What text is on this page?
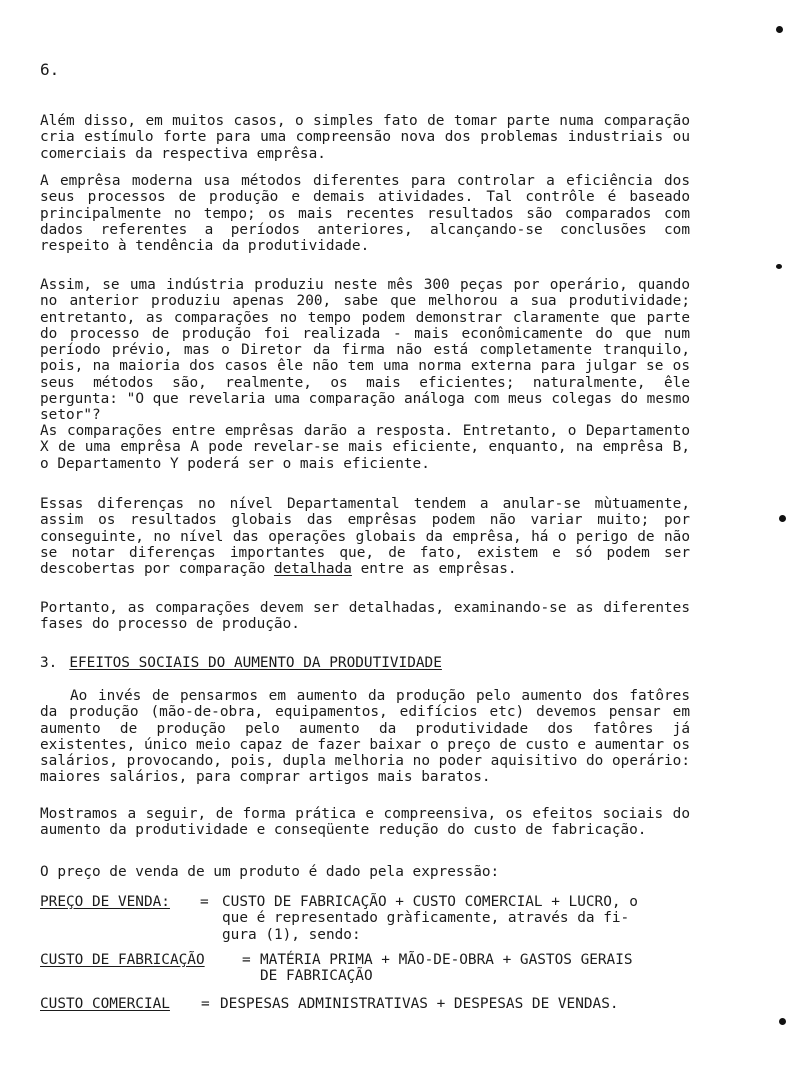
6.

Além disso, em muitos casos, o simples fato de tomar parte numa comparação cria estímulo forte para uma compreensão nova dos problemas industriais ou comerciais da respectiva emprêsa.

A emprêsa moderna usa métodos diferentes para controlar a eficiência dos seus processos de produção e demais atividades. Tal contrôle é baseado principalmente no tempo; os mais recentes resultados são comparados com dados referentes a períodos anteriores, alcançando-se conclusões com respeito à tendência da produtividade.

Assim, se uma indústria produziu neste mês 300 peças por operário, quando no anterior produziu apenas 200, sabe que melhorou a sua produtividade; entretanto, as comparações no tempo podem demonstrar claramente que parte do processo de produção foi realizada - mais econômicamente do que num período prévio, mas o Diretor da firma não está completamente tranquilo, pois, na maioria dos casos êle não tem uma norma externa para julgar se os seus métodos são, realmente, os mais eficientes; naturalmente, êle pergunta: "O que revelaria uma comparação análoga com meus colegas do mesmo setor"?

As comparações entre emprêsas darão a resposta. Entretanto, o Departamento X de uma emprêsa A pode revelar-se mais eficiente, enquanto, na emprêsa B, o Departamento Y poderá ser o mais eficiente.

Essas diferenças no nível Departamental tendem a anular-se mùtuamente, assim os resultados globais das emprêsas podem não variar muito; por conseguinte, no nível das operações globais da emprêsa, há o perigo de não se notar diferenças importantes que, de fato, existem e só podem ser descobertas por comparação detalhada entre as emprêsas.

Portanto, as comparações devem ser detalhadas, examinando-se as diferentes fases do processo de produção.

3. EFEITOS SOCIAIS DO AUMENTO DA PRODUTIVIDADE

Ao invés de pensarmos em aumento da produção pelo aumento dos fatôres da produção (mão-de-obra, equipamentos, edifícios etc) devemos pensar em aumento de produção pelo aumento da produtividade dos fatôres já existentes, único meio capaz de fazer baixar o preço de custo e aumentar os salários, provocando, pois, dupla melhoria no poder aquisitivo do operário: maiores salários, para comprar artigos mais baratos.

Mostramos a seguir, de forma prática e compreensiva, os efeitos sociais do aumento da produtividade e conseqüente redução do custo de fabricação.

O preço de venda de um produto é dado pela expressão:

PREÇO DE VENDA: = CUSTO DE FABRICAÇÃO + CUSTO COMERCIAL + LUCRO, o
que é representado gràficamente, através da fi-
gura (1), sendo:
CUSTO DE FABRICAÇÃO	= MATÉRIA PRIMA + MÃO-DE-OBRA + GASTOS GERAIS
DE FABRICAÇÃO
CUSTO COMERCIAL = DESPESAS ADMINISTRATIVAS + DESPESAS DE VENDAS.
